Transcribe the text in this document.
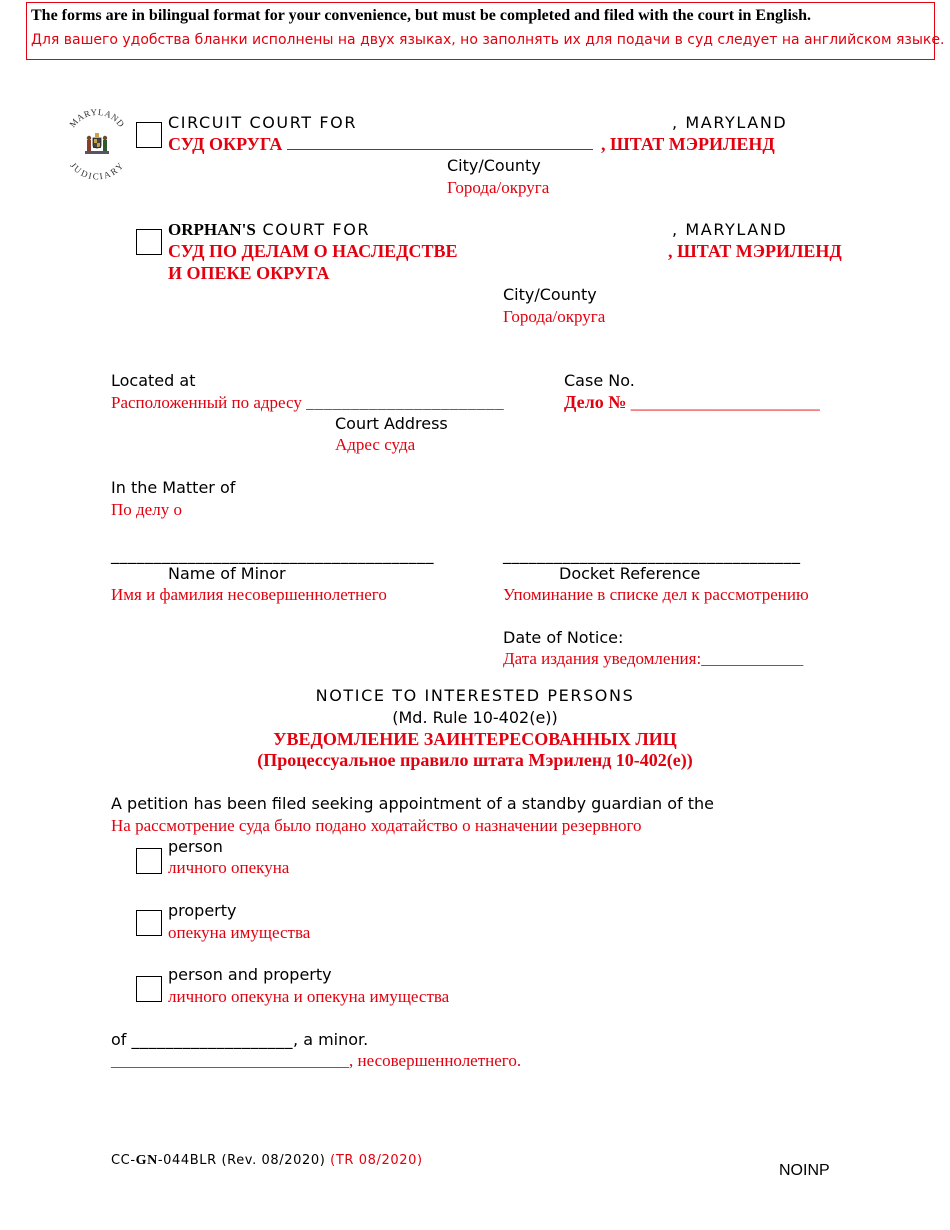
The forms are in bilingual format for your convenience, but must be completed and filed with the court in English.
Для вашего удобства бланки исполнены на двух языках, но заполнять их для подачи в суд следует на английском языке.
MARYLAND
JUDICIARY
CIRCUIT COURT FOR	, MARYLAND
СУД ОКРУГА	, ШТАТ МЭРИЛЕНД
City/County
Города/округа
ORPHAN'S COURT FOR	, MARYLAND
СУД ПО ДЕЛАМ О НАСЛЕДСТВЕ	, ШТАТ МЭРИЛЕНД
И ОПЕКЕ ОКРУГА
City/County
Города/округа
Located at
Расположенный по адресу ______________________
Court Address
Адрес суда
Case No.
Дело № _____________________
In the Matter of
По делу о
______________________________________
Name of Minor
Имя и фамилия несовершеннолетнего
___________________________________
Docket Reference
Упоминание в списке дел к рассмотрению
Date of Notice:
Дата издания уведомления:____________
NOTICE TO INTERESTED PERSONS
(Md. Rule 10-402(e))
УВЕДОМЛЕНИЕ ЗАИНТЕРЕСОВАННЫХ ЛИЦ
(Процессуальное правило штата Мэриленд 10-402(e))
A petition has been filed seeking appointment of a standby guardian of the
На рассмотрение суда было подано ходатайство о назначении резервного
person
личного опекуна
property
опекуна имущества
person and property
личного опекуна и опекуна имущества
of ___________________, a minor.
____________________________, несовершеннолетнего.
CC-GN-044BLR (Rev. 08/2020) (TR 08/2020)
NOINP
